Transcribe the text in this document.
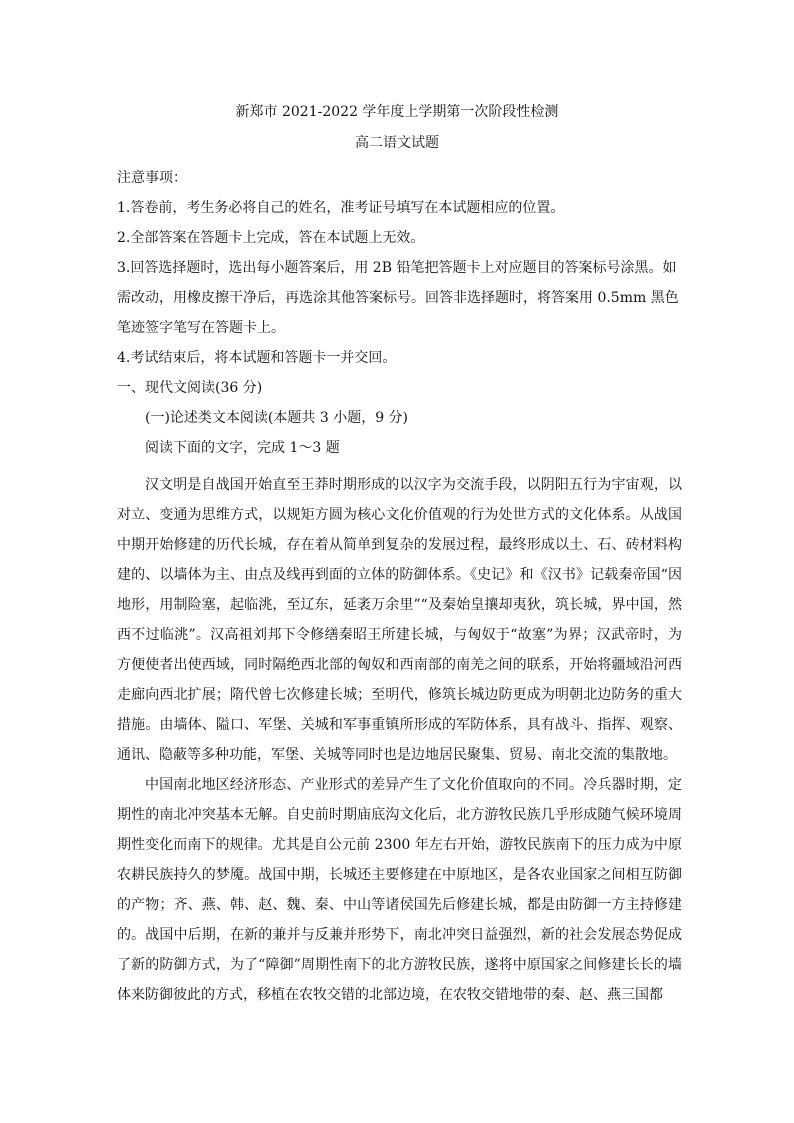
新郑市 2021-2022 学年度上学期第一次阶段性检测
高二语文试题

注意事项：

1.答卷前，考生务必将自己的姓名，准考证号填写在本试题相应的位置。

2.全部答案在答题卡上完成，答在本试题上无效。

3.回答选择题时，选出每小题答案后，用 2B 铅笔把答题卡上对应题目的答案标号涂黑。如需改动，用橡皮擦干净后，再选涂其他答案标号。回答非选择题时，将答案用 0.5mm 黑色笔迹签字笔写在答题卡上。

4.考试结束后，将本试题和答题卡一并交回。

一、现代文阅读(36 分)

(一)论述类文本阅读(本题共 3 小题，9 分)

阅读下面的文字，完成 1～3 题

汉文明是自战国开始直至王莽时期形成的以汉字为交流手段，以阴阳五行为宇宙观，以对立、变通为思维方式，以规矩方圆为核心文化价值观的行为处世方式的文化体系。从战国中期开始修建的历代长城，存在着从简单到复杂的发展过程，最终形成以土、石、砖材料构建的、以墙体为主、由点及线再到面的立体的防御体系。《史记》和《汉书》记载秦帝国“因地形，用制险塞，起临洮，至辽东，延袤万余里”“及秦始皇攘却夷狄，筑长城，界中国，然西不过临洮”。汉高祖刘邦下令修缮秦昭王所建长城，与匈奴于“故塞”为界；汉武帝时，为方便使者出使西域，同时隔绝西北部的匈奴和西南部的南羌之间的联系，开始将疆域沿河西走廊向西北扩展；隋代曾七次修建长城；至明代，修筑长城边防更成为明朝北边防务的重大措施。由墙体、隘口、军堡、关城和军事重镇所形成的军防体系，具有战斗、指挥、观察、通讯、隐蔽等多种功能，军堡、关城等同时也是边地居民聚集、贸易、南北交流的集散地。

中国南北地区经济形态、产业形式的差异产生了文化价值取向的不同。冷兵器时期，定期性的南北冲突基本无解。自史前时期庙底沟文化后，北方游牧民族几乎形成随气候环境周期性变化而南下的规律。尤其是自公元前 2300 年左右开始，游牧民族南下的压力成为中原农耕民族持久的梦魇。战国中期，长城还主要修建在中原地区，是各农业国家之间相互防御的产物；齐、燕、韩、赵、魏、秦、中山等诸侯国先后修建长城，都是由防御一方主持修建的。战国中后期，在新的兼并与反兼并形势下，南北冲突日益强烈，新的社会发展态势促成了新的防御方式，为了“障御”周期性南下的北方游牧民族，遂将中原国家之间修建长长的墙体来防御彼此的方式，移植在农牧交错的北部边境，在农牧交错地带的秦、赵、燕三国都
